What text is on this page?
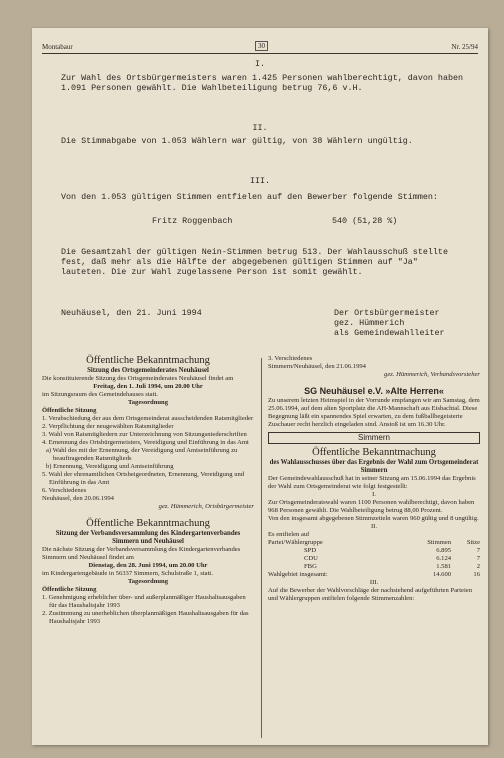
Montabaur	30	Nr. 25/94
I.
Zur Wahl des Ortsbürgermeisters waren 1.425 Personen wahlberechtigt, davon haben 1.091 Personen gewählt. Die Wahlbeteiligung betrug 76,6 v.H.
II.
Die Stimmabgabe von 1.053 Wählern war gültig, von 38 Wählern ungültig.
III.
Von den 1.053 gültigen Stimmen entfielen auf den Bewerber folgende Stimmen:
Fritz Roggenbach	540 (51,28 %)
Die Gesamtzahl der gültigen Nein-Stimmen betrug 513. Der Wahlausschuß stellte fest, daß mehr als die Hälfte der abgegebenen gültigen Stimmen auf "Ja" lauteten. Die zur Wahl zugelassene Person ist somit gewählt.
Neuhäusel, den 21. Juni 1994	Der Ortsbürgermeister
gez. Hümmerich
als Gemeindewahlleiter
Öffentliche Bekanntmachung
Sitzung des Ortsgemeinderates Neuhäusel
Die konstituierende Sitzung des Ortsgemeinderates Neuhäusel findet am
Freitag, den 1. Juli 1994, um 20.00 Uhr
im Sitzungsraum des Gemeindehauses statt.
Tagesordnung
Öffentliche Sitzung
1. Verabschiedung der aus dem Ortsgemeinderat ausscheidenden Ratsmitglieder
2. Verpflichtung der neugewählten Ratsmitglieder
3. Wahl von Ratsmitgliedern zur Unterzeichnung von Sitzungsniederschriften
4. Ernennung des Ortsbürgermeisters, Vereidigung und Einführung in das Amt
a) Wahl des mit der Ernennung, der Vereidigung und Amtseinführung zu beauftragenden Ratsmitglieds
b) Ernennung, Vereidigung und Amtseinführung
5. Wahl der ehrenamtlichen Ortsbeigeordneten, Ernennung, Vereidigung und Einführung in das Amt
6. Verschiedenes
Neuhäusel, den 20.06.1994
gez. Hümmerich, Ortsbürgermeister
Öffentliche Bekanntmachung
Sitzung der Verbandsversammlung des Kindergartenverbandes Simmern und Neuhäusel
Die nächste Sitzung der Verbandsversammlung des Kindergartenverbandes Simmern und Neuhäusel findet am
Dienstag, den 28. Juni 1994, um 20.00 Uhr
im Kindergartengebäude in 56337 Simmern, Schulstraße 1, statt.
Tagesordnung
Öffentliche Sitzung
1. Genehmigung erheblicher über- und außerplanmäßiger Haushaltsausgaben für das Haushaltsjahr 1993
2. Zustimmung zu unerheblichen überplanmäßigen Haushaltsausgaben für das Haushaltsjahr 1993
3. Verschiedenes
Simmern/Neuhäusel, den 21.06.1994
gez. Hümmerich, Verbandsvorsteher
SG Neuhäusel e.V. »Alte Herren«
Zu unserem letzten Heimspiel in der Vorrunde empfangen wir am Samstag, dem 25.06.1994, auf dem alten Sportplatz die AH-Mannschaft aus Eisbachtal. Diese Begegnung läßt ein spannendes Spiel erwarten, zu dem fußballbegeisterte Zuschauer recht herzlich eingeladen sind. Anstoß ist um 16.30 Uhr.
Simmern
Öffentliche Bekanntmachung
des Wahlausschusses über das Ergebnis der Wahl zum Ortsgemeinderat Simmern
Der Gemeindewahlausschuß hat in seiner Sitzung am 15.06.1994 das Ergebnis der Wahl zum Ortsgemeinderat wie folgt festgestellt:
I.
Zur Ortsgemeinderatswahl waren 1100 Personen wahlberechtigt, davon haben 968 Personen gewählt. Die Wahlbeteiligung betrug 88,00 Prozent.
Von den insgesamt abgegebenen Stimmzetteln waren 960 gültig und 8 ungültig.
II.
Es entfielen auf
Partei/Wählergruppe	Stimmen	Sitze
SPD	6.895	7
CDU	6.124	7
FBG	1.581	2
Wahlgebiet insgesamt:	14.600	16
III.
Auf die Bewerber der Wahlvorschläge der nachstehend aufgeführten Parteien und Wählergruppen entfielen folgende Stimmenzahlen:
